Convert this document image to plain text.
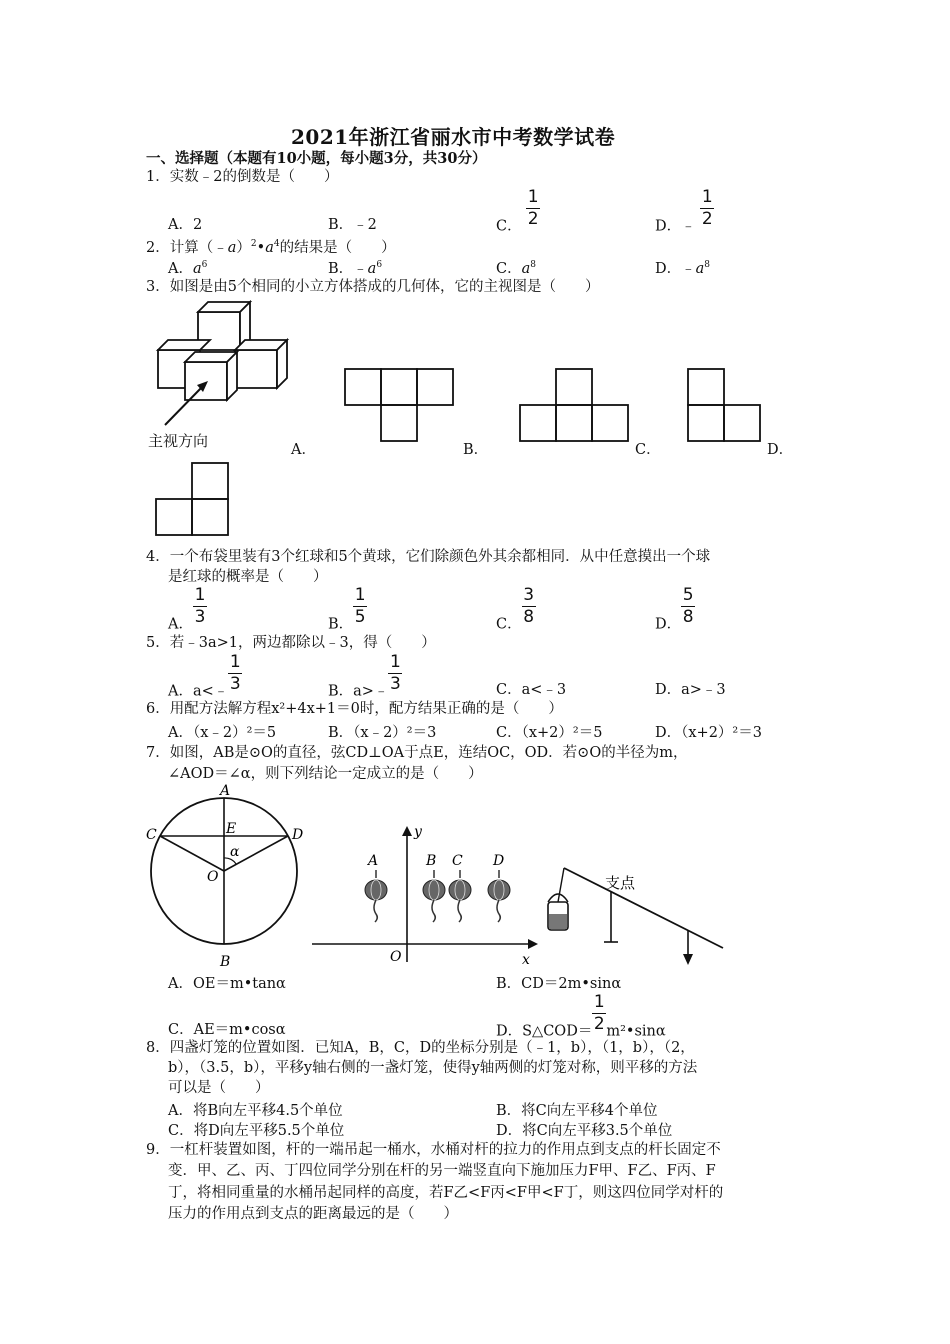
2021年浙江省丽水市中考数学试卷
一、选择题（本题有10小题，每小题3分，共30分）
1．实数﹣2的倒数是（　　）
A．2	B．﹣2	C． $\frac{1}{2}$	D．﹣ $\frac{1}{2}$
2．计算$(﹣a)^2•a^4$的结果是（　　）
A．$a^6$	B．$﹣a^6$	C．$a^8$	D．$﹣a^8$
3．如图是由5个相同的小立方体搭成的几何体，它的主视图是（　　）
主视方向	A．	B．	C．	D．
4．一个布袋里装有3个红球和5个黄球，它们除颜色外其余都相同．从中任意摸出一个球
是红球的概率是（　　）
A． $\frac{1}{3}$	B． $\frac{1}{5}$	C． $\frac{3}{8}$	D． $\frac{5}{8}$
5．若﹣3a>1，两边都除以﹣3，得（　　）
A．a<﹣ $\frac{1}{3}$	B．a>﹣ $\frac{1}{3}$	C．a<﹣3	D．a>﹣3
6．用配方法解方程x²+4x+1＝0时，配方结果正确的是（　　）
A．（x﹣2）²＝5	B．（x﹣2）²＝3	C．（x+2）²＝5	D．（x+2）²＝3
7．如图，AB是⊙O的直径，弦CD⊥OA于点E，连结OC，OD．若⊙O的半径为m，
∠AOD＝∠α，则下列结论一定成立的是（　　）
A
B
C	D
E
O
α
x
y
O
A	B C D
支点
A．OE＝m•tanα	B．CD＝2m•sinα
C．AE＝m•cosα	D．S△COD＝ $\frac{1}{2}$ m²•sinα
8．四盏灯笼的位置如图．已知A，B，C，D的坐标分别是（﹣1，b），（1，b），（2，
b），（3.5，b），平移y轴右侧的一盏灯笼，使得y轴两侧的灯笼对称，则平移的方法
可以是（　　）
A．将B向左平移4.5个单位	B．将C向左平移4个单位
C．将D向左平移5.5个单位	D．将C向左平移3.5个单位
9．一杠杆装置如图，杆的一端吊起一桶水，水桶对杆的拉力的作用点到支点的杆长固定不
变．甲、乙、丙、丁四位同学分别在杆的另一端竖直向下施加压力F甲、F乙、F丙、F
丁，将相同重量的水桶吊起同样的高度，若F乙<F丙<F甲<F丁，则这四位同学对杆的
压力的作用点到支点的距离最远的是（　　）
